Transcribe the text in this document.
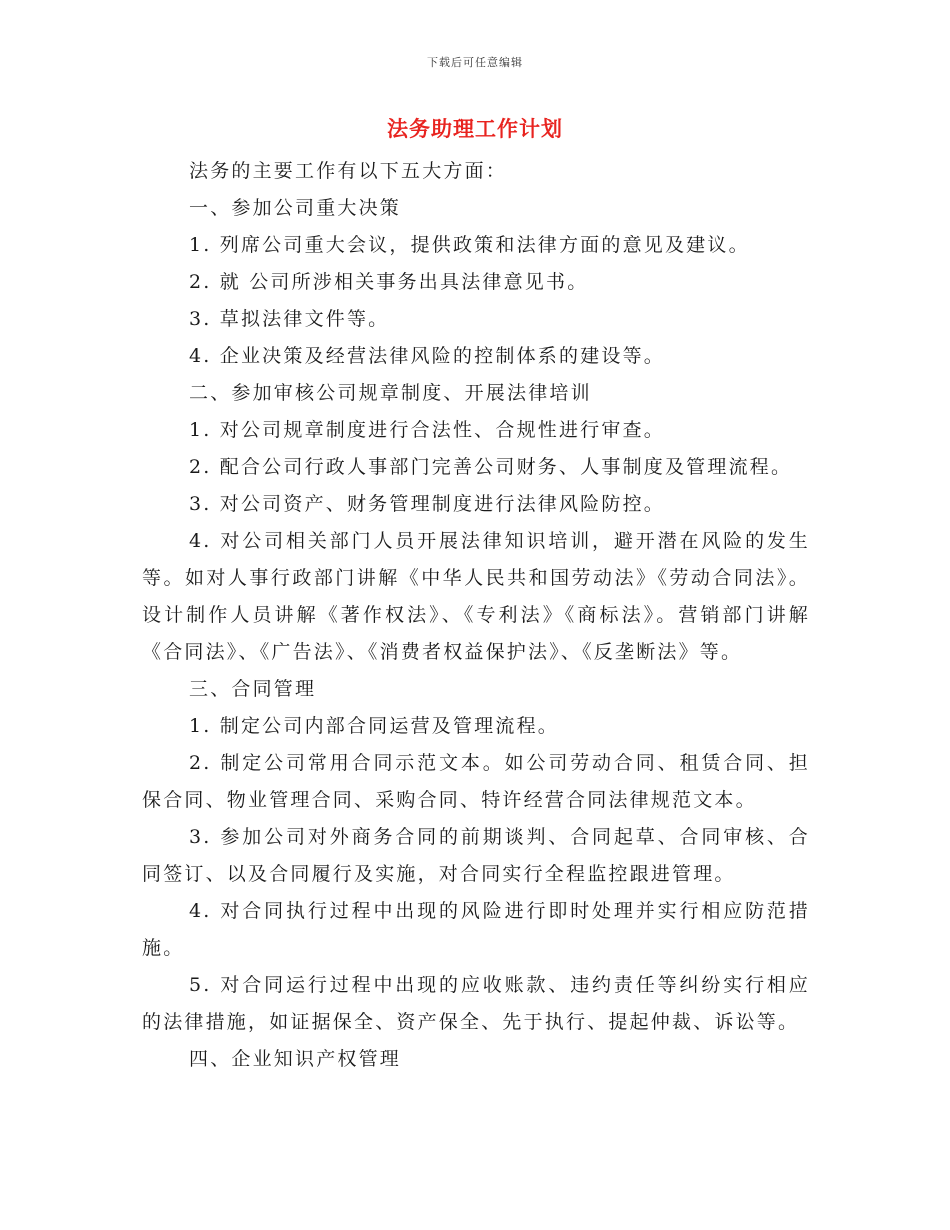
下载后可任意编辑
法务助理工作计划

法务的主要工作有以下五大方面：

一、参加公司重大决策

1. 列席公司重大会议，提供政策和法律方面的意见及建议。

2. 就 公司所涉相关事务出具法律意见书。

3. 草拟法律文件等。

4. 企业决策及经营法律风险的控制体系的建设等。

二、参加审核公司规章制度、开展法律培训

1. 对公司规章制度进行合法性、合规性进行审查。

2. 配合公司行政人事部门完善公司财务、人事制度及管理流程。

3. 对公司资产、财务管理制度进行法律风险防控。

4. 对公司相关部门人员开展法律知识培训，避开潜在风险的发生等。如对人事行政部门讲解《中华人民共和国劳动法》《劳动合同法》。设计制作人员讲解《著作权法》、《专利法》《商标法》。营销部门讲解《合同法》、《广告法》、《消费者权益保护法》、《反垄断法》等。

三、合同管理

1. 制定公司内部合同运营及管理流程。

2. 制定公司常用合同示范文本。如公司劳动合同、租赁合同、担保合同、物业管理合同、采购合同、特许经营合同法律规范文本。

3. 参加公司对外商务合同的前期谈判、合同起草、合同审核、合同签订、以及合同履行及实施，对合同实行全程监控跟进管理。

4. 对合同执行过程中出现的风险进行即时处理并实行相应防范措施。

5. 对合同运行过程中出现的应收账款、违约责任等纠纷实行相应的法律措施，如证据保全、资产保全、先于执行、提起仲裁、诉讼等。

四、企业知识产权管理
